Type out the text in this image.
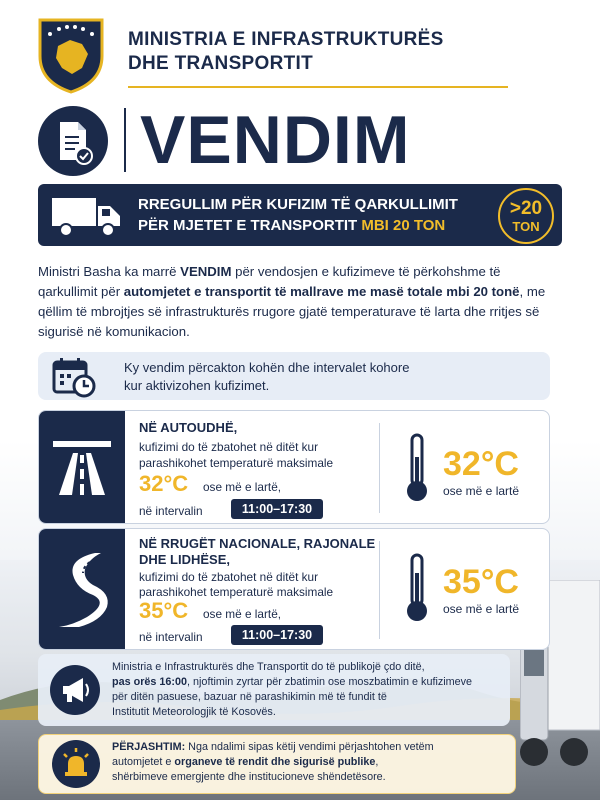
MINISTRIA E INFRASTRUKTURËS
DHE TRANSPORTIT
VENDIM
RREGULLIM PËR KUFIZIM TË QARKULLIMIT
PËR MJETET E TRANSPORTIT MBI 20 TON
>20
TON
Ministri Basha ka marrë VENDIM për vendosjen e kufizimeve të përkohshme të qarkullimit për automjetet e transportit të mallrave me masë totale mbi 20 tonë, me qëllim të mbrojtjes së infrastrukturës rrugore gjatë temperaturave të larta dhe rritjes së sigurisë në komunikacion.
Ky vendim përcakton kohën dhe intervalet kohore
kur aktivizohen kufizimet.
NË AUTOUDHË,
kufizimi do të zbatohet në ditët kur
parashikohet temperaturë maksimale
32°C ose më e lartë,
në intervalin	11:00–17:30
32°C
ose më e lartë
NË RRUGËT NACIONALE, RAJONALE
DHE LIDHËSE,
kufizimi do të zbatohet në ditët kur
parashikohet temperaturë maksimale
35°C ose më e lartë,
në intervalin	11:00–17:30
35°C
ose më e lartë
Ministria e Infrastrukturës dhe Transportit do të publikojë çdo ditë,
pas orës 16:00, njoftimin zyrtar për zbatimin ose moszbatimin e kufizimeve
për ditën pasuese, bazuar në parashikimin më të fundit të
Institutit Meteorologjik të Kosovës.
PËRJASHTIM: Nga ndalimi sipas këtij vendimi përjashtohen vetëm
automjetet e organeve të rendit dhe sigurisë publike,
shërbimeve emergjente dhe institucioneve shëndetësore.
